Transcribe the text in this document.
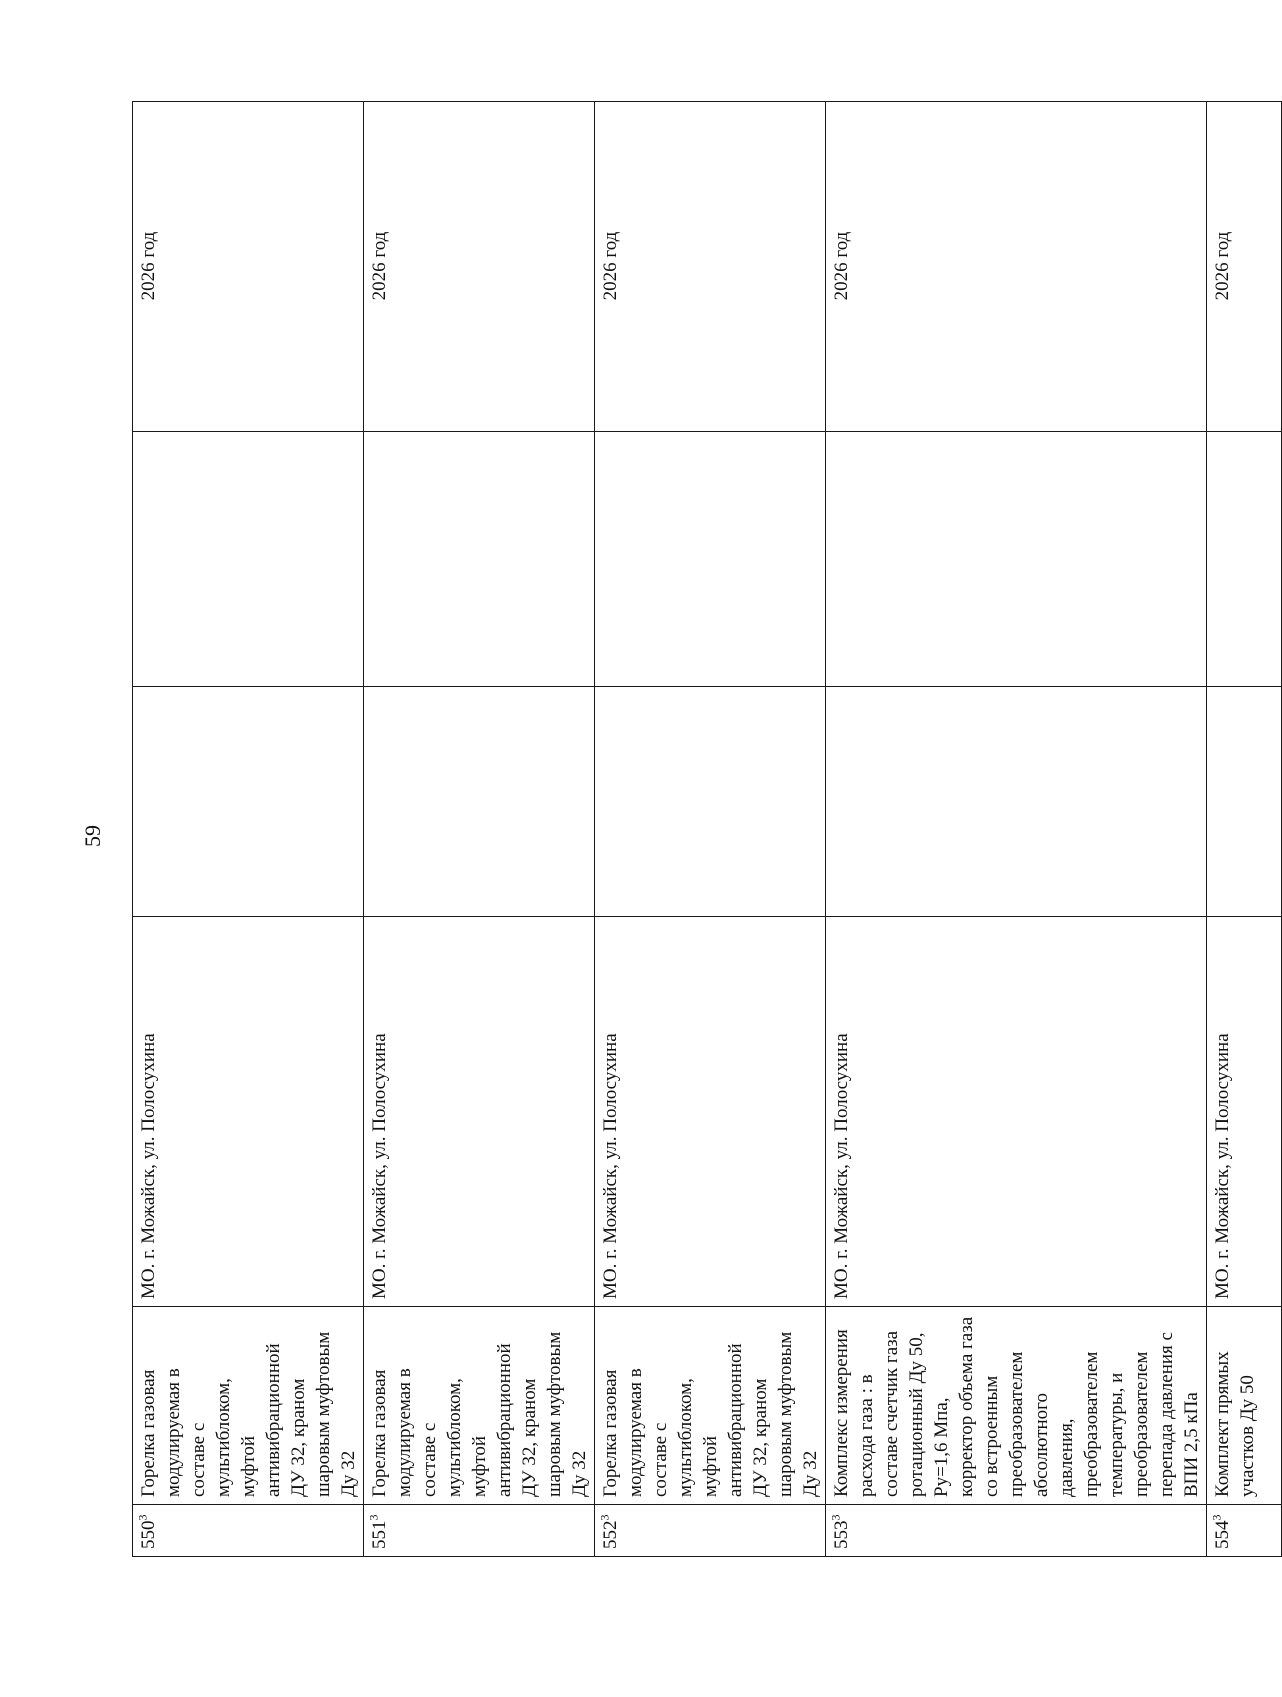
59
$550^3$	Горелка газовая модулируемая в составе с мультиблоком, муфтой антивибрационной ДУ 32, краном шаровым муфтовым Ду 32	МО. г. Можайск, ул. Полосухина			2026 год
$551^3$	Горелка газовая модулируемая в составе с мультиблоком, муфтой антивибрационной ДУ 32, краном шаровым муфтовым Ду 32	МО. г. Можайск, ул. Полосухина			2026 год
$552^3$	Горелка газовая модулируемая в составе с мультиблоком, муфтой антивибрационной ДУ 32, краном шаровым муфтовым Ду 32	МО. г. Можайск, ул. Полосухина			2026 год
$553^3$	Комплекс измерения расхода газа : в составе счетчик газа ротационный Ду 50, Ру=1,6 Мпа, корректор объема газа со встроенным преобразователем абсолютного давления, преобразователем температуры, и преобразователем перепада давления с ВПИ 2,5 кПа	МО. г. Можайск, ул. Полосухина			2026 год
$554^3$	Комплект прямых участков Ду 50	МО. г. Можайск, ул. Полосухина			2026 год
